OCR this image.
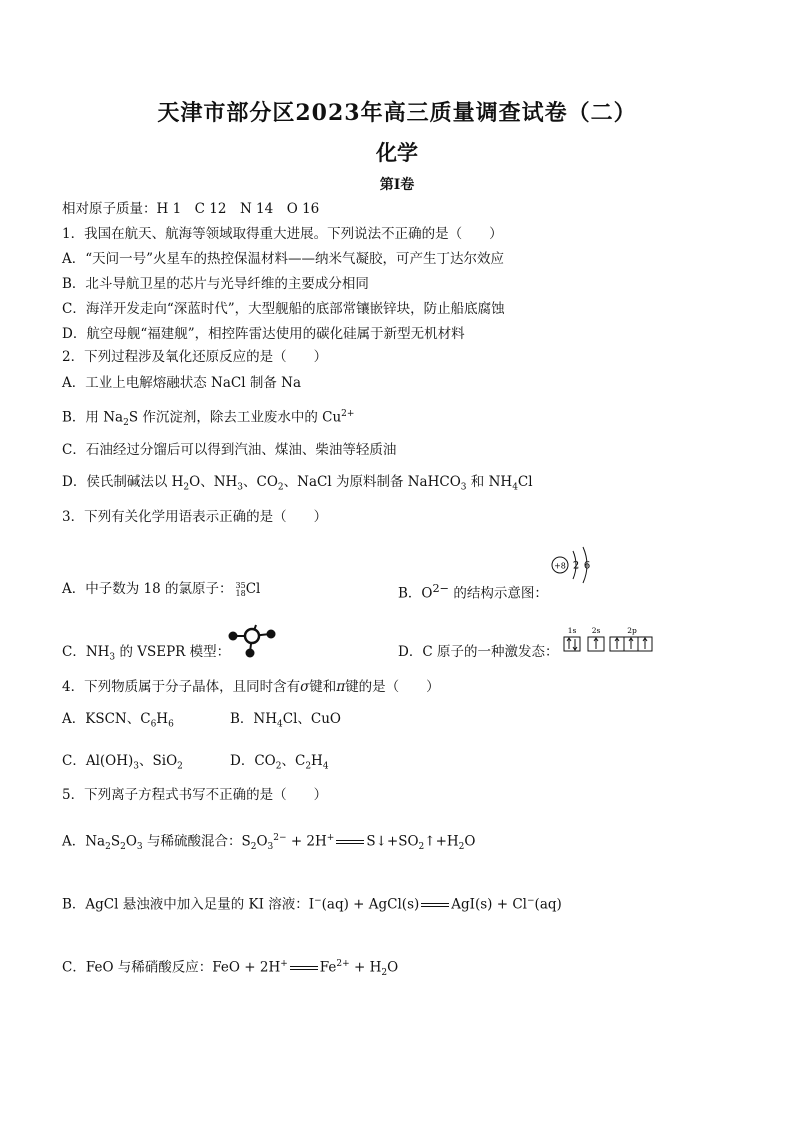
天津市部分区2023年高三质量调查试卷（二）
化学
第Ⅰ卷
相对原子质量：H 1　C 12　N 14　O 16
1．我国在航天、航海等领域取得重大进展。下列说法不正确的是（　　）
A．“天问一号”火星车的热控保温材料——纳米气凝胶，可产生丁达尔效应
B．北斗导航卫星的芯片与光导纤维的主要成分相同
C．海洋开发走向“深蓝时代”，大型舰船的底部常镶嵌锌块，防止船底腐蚀
D．航空母舰“福建舰”，相控阵雷达使用的碳化硅属于新型无机材料
2．下列过程涉及氧化还原反应的是（　　）
A．工业上电解熔融状态 NaCl 制备 Na
B．用 $Na_2S$ 作沉淀剂，除去工业废水中的 $Cu^{2+}$
C．石油经过分馏后可以得到汽油、煤油、柴油等轻质油
D．侯氏制碱法以 $H_2O$、$NH_3$、$CO_2$、NaCl 为原料制备 NaHCO$_3$ 和 $NH_4Cl$
3．下列有关化学用语表示正确的是（　　）
A．中子数为 18 的氯原子： 35
18 Cl	B．$O^{2-}$ 的结构示意图：
+8 2 6
C．$NH_3$ 的 VSEPR 模型：	D．C 原子的一种激发态：
1s 2s	2p
4．下列物质属于分子晶体，且同时含有σ键和π键的是（　　）
A．KSCN、$C_6H_6$	B．$NH_4Cl$、CuO
C．$Al(OH)_3$、SiO$_2$	D．$CO_2$、$C_2H_4$
5．下列离子方程式书写不正确的是（　　）
A．$Na_2S_2O_3$ 与稀硫酸混合：$S_2O_3^{2-} + 2H^+$ $S↓+SO_2↑+H_2O$
B．AgCl 悬浊液中加入足量的 KI 溶液：I−(aq) + AgCl(s) AgI(s) + Cl−(aq)
C．FeO 与稀硝酸反应：FeO + 2H+ $Fe^{2+} + H_2O$
